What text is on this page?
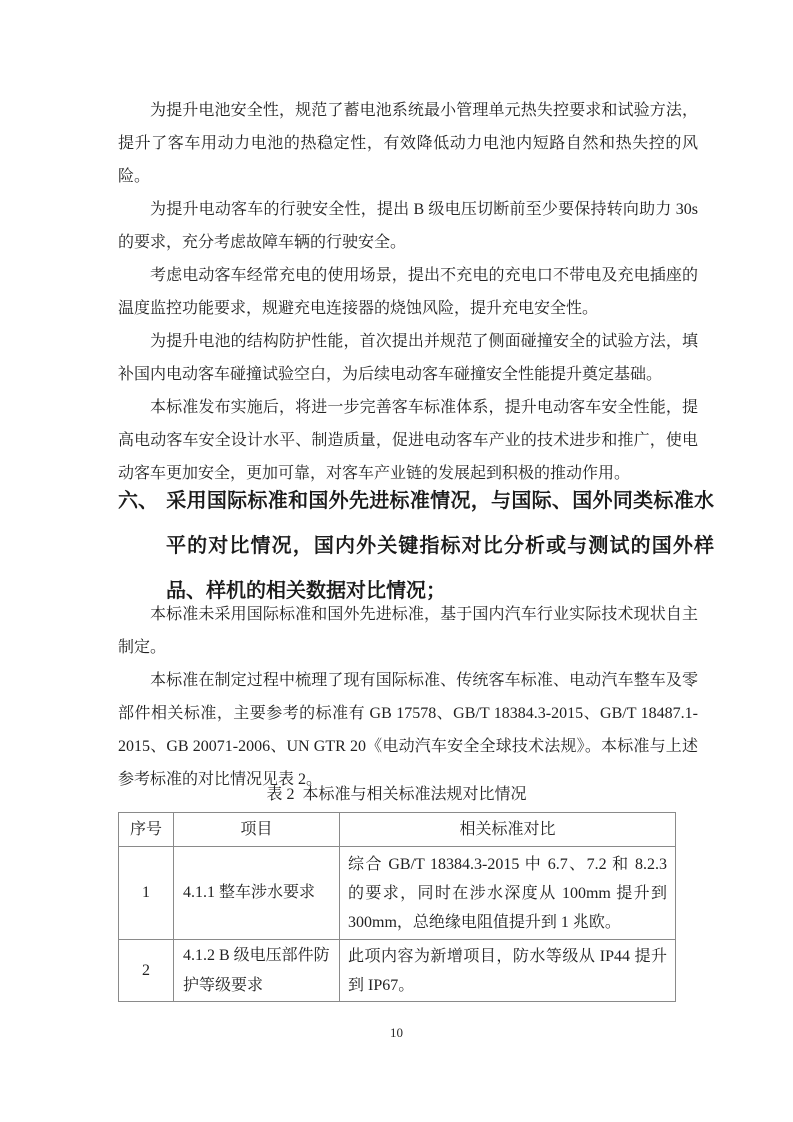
为提升电池安全性，规范了蓄电池系统最小管理单元热失控要求和试验方法，提升了客车用动力电池的热稳定性，有效降低动力电池内短路自然和热失控的风险。

为提升电动客车的行驶安全性，提出 B 级电压切断前至少要保持转向助力 30s 的要求，充分考虑故障车辆的行驶安全。

考虑电动客车经常充电的使用场景，提出不充电的充电口不带电及充电插座的温度监控功能要求，规避充电连接器的烧蚀风险，提升充电安全性。

为提升电池的结构防护性能，首次提出并规范了侧面碰撞安全的试验方法，填补国内电动客车碰撞试验空白，为后续电动客车碰撞安全性能提升奠定基础。

本标准发布实施后，将进一步完善客车标准体系，提升电动客车安全性能，提高电动客车安全设计水平、制造质量，促进电动客车产业的技术进步和推广，使电动客车更加安全，更加可靠，对客车产业链的发展起到积极的推动作用。

六、 采用国际标准和国外先进标准情况，与国际、国外同类标准水平的对比情况，国内外关键指标对比分析或与测试的国外样品、样机的相关数据对比情况；

本标准未采用国际标准和国外先进标准，基于国内汽车行业实际技术现状自主制定。

本标准在制定过程中梳理了现有国际标准、传统客车标准、电动汽车整车及零部件相关标准，主要参考的标准有 GB 17578、GB/T 18384.3-2015、GB/T 18487.1-2015、GB 20071-2006、UN GTR 20《电动汽车安全全球技术法规》。本标准与上述参考标准的对比情况见表 2。

表 2  本标准与相关标准法规对比情况
序号	项目	相关标准对比
1	4.1.1 整车涉水要求	综合 GB/T 18384.3-2015 中 6.7、7.2 和 8.2.3 的要求，同时在涉水深度从 100mm 提升到 300mm，总绝缘电阻值提升到 1 兆欧。
2	4.1.2 B 级电压部件防护等级要求	此项内容为新增项目，防水等级从 IP44 提升到 IP67。
10
